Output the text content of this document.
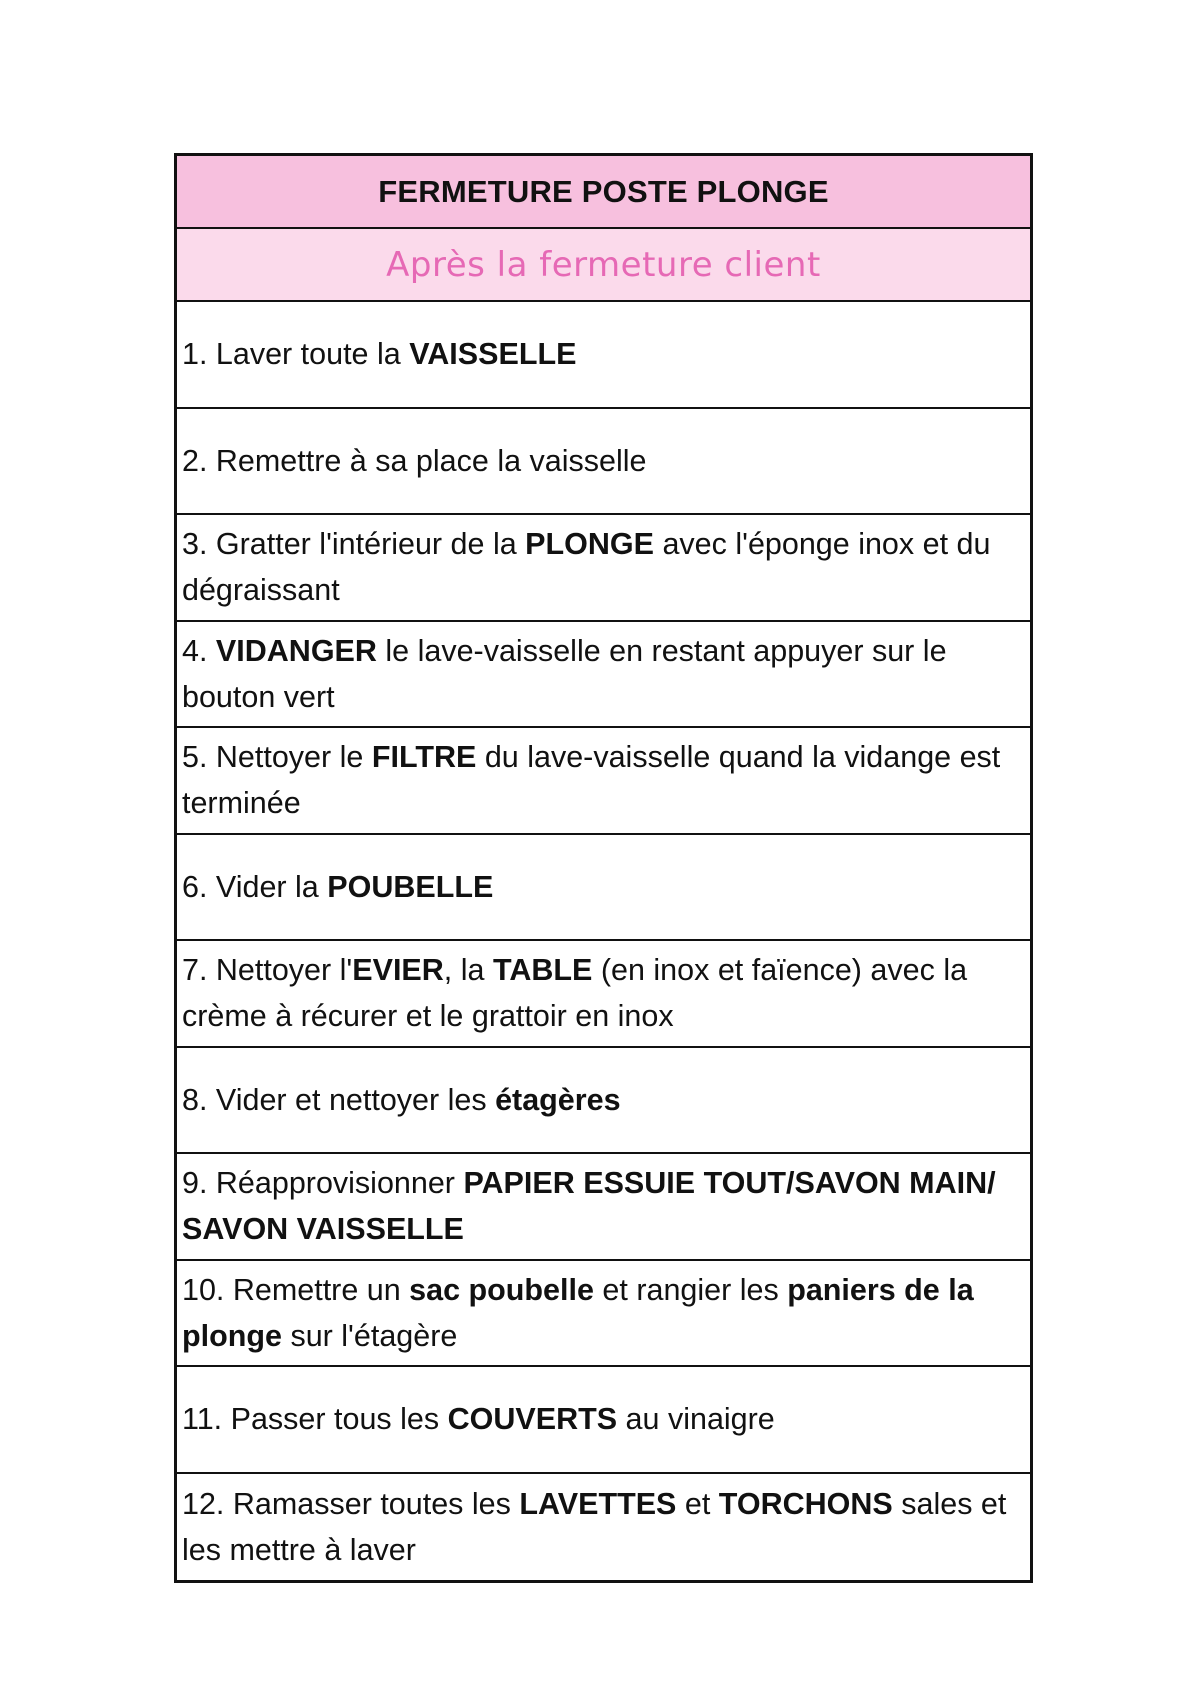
FERMETURE POSTE PLONGE
Après la fermeture client
1. Laver toute la VAISSELLE
2. Remettre à sa place la vaisselle
3. Gratter l'intérieur de la PLONGE avec l'éponge inox et du dégraissant
4. VIDANGER le lave-vaisselle en restant appuyer sur le bouton vert
5. Nettoyer le FILTRE du lave-vaisselle quand la vidange est terminée
6. Vider la POUBELLE
7. Nettoyer l'EVIER, la TABLE (en inox et faïence) avec la crème à récurer et le grattoir en inox
8. Vider et nettoyer les étagères
9. Réapprovisionner PAPIER ESSUIE TOUT/SAVON MAIN/ SAVON VAISSELLE
10. Remettre un sac poubelle et rangier les paniers de la plonge sur l'étagère
11. Passer tous les COUVERTS au vinaigre
12. Ramasser toutes les LAVETTES et TORCHONS sales et les mettre à laver
